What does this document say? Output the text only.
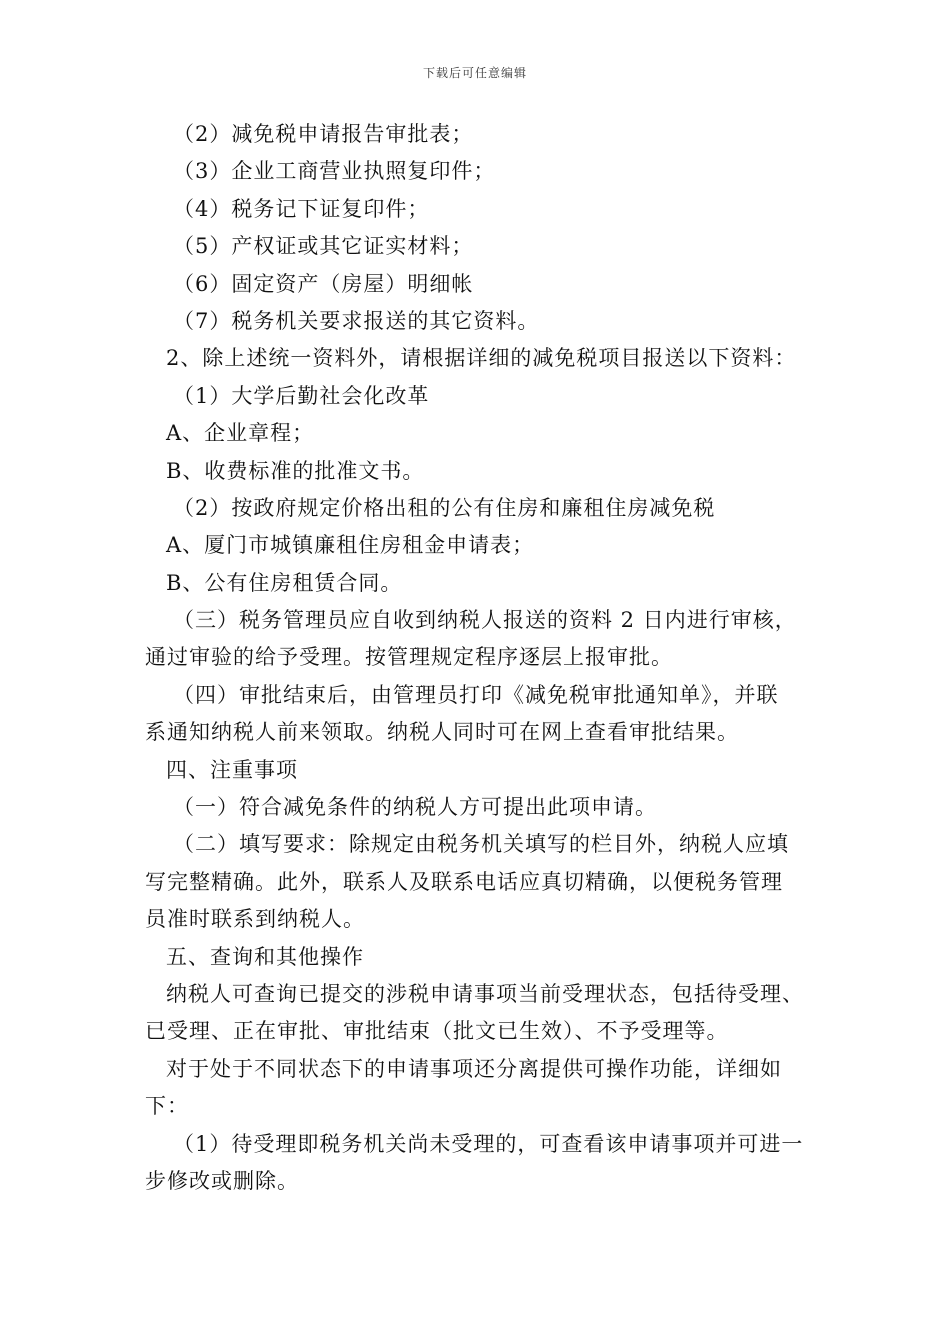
下载后可任意编辑
（2）减免税申请报告审批表；
（3）企业工商营业执照复印件；
（4）税务记下证复印件；
（5）产权证或其它证实材料；
（6）固定资产（房屋）明细帐
（7）税务机关要求报送的其它资料。
2、除上述统一资料外，请根据详细的减免税项目报送以下资料：
（1）大学后勤社会化改革
A、企业章程；
B、收费标准的批准文书。
（2）按政府规定价格出租的公有住房和廉租住房减免税
A、厦门市城镇廉租住房租金申请表；
B、公有住房租赁合同。
（三）税务管理员应自收到纳税人报送的资料 2 日内进行审核，
通过审验的给予受理。按管理规定程序逐层上报审批。
（四）审批结束后，由管理员打印《减免税审批通知单》，并联
系通知纳税人前来领取。纳税人同时可在网上查看审批结果。
四、注重事项
（一）符合减免条件的纳税人方可提出此项申请。
（二）填写要求：除规定由税务机关填写的栏目外，纳税人应填
写完整精确。此外，联系人及联系电话应真切精确，以便税务管理
员准时联系到纳税人。
五、查询和其他操作
纳税人可查询已提交的涉税申请事项当前受理状态，包括待受理、
已受理、正在审批、审批结束（批文已生效）、不予受理等。
对于处于不同状态下的申请事项还分离提供可操作功能，详细如
下：
（1）待受理即税务机关尚未受理的，可查看该申请事项并可进一
步修改或删除。
